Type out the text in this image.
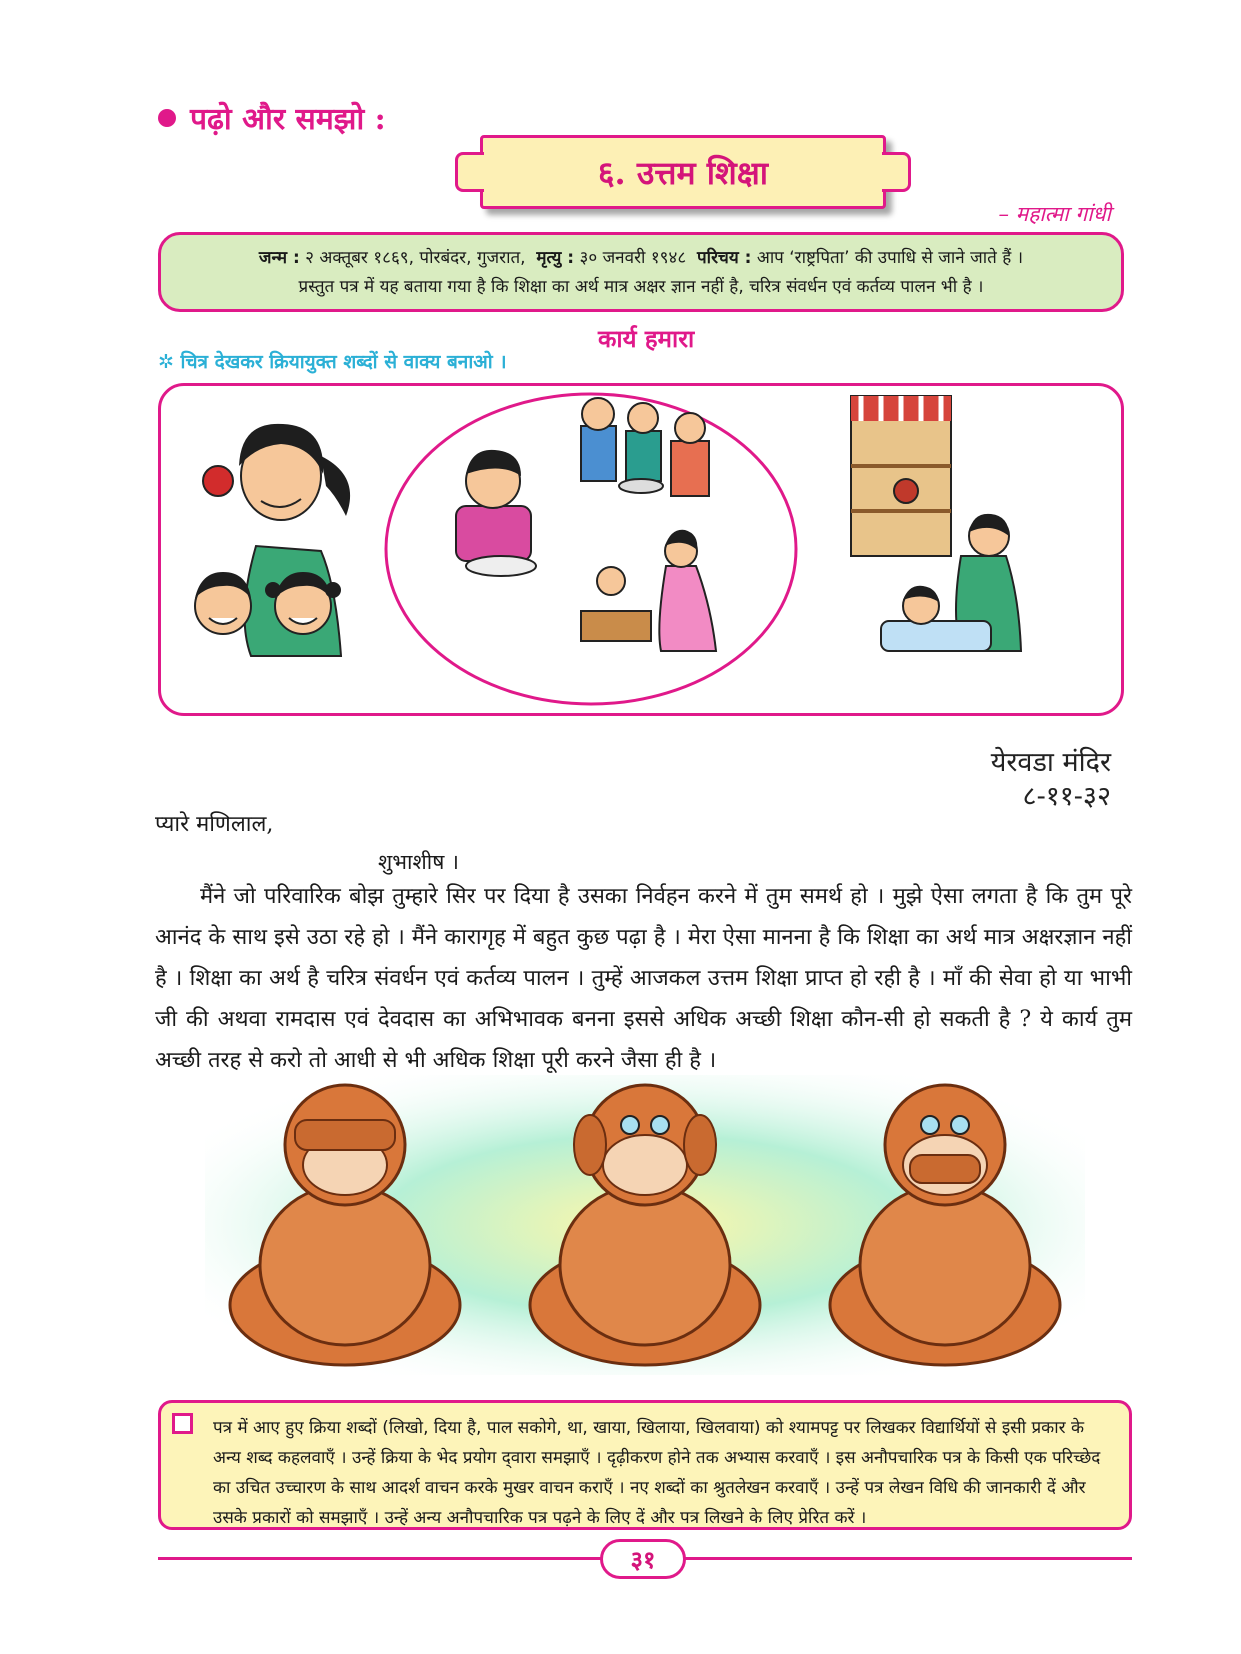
पढ़ो और समझो :
६. उत्तम शिक्षा
– महात्मा गांधी
जन्म : २ अक्तूबर १८६९, पोरबंदर, गुजरात, मृत्यु : ३० जनवरी १९४८ परिचय : आप ‘राष्ट्रपिता’ की उपाधि से जाने जाते हैं ।
प्रस्तुत पत्र में यह बताया गया है कि शिक्षा का अर्थ मात्र अक्षर ज्ञान नहीं है, चरित्र संवर्धन एवं कर्तव्य पालन भी है ।
कार्य हमारा
✲ चित्र देखकर क्रियायुक्त शब्दों से वाक्य बनाओ ।
येरवडा मंदिर
८-११-३२
प्यारे मणिलाल,
शुभाशीष ।
मैंने जो परिवारिक बोझ तुम्हारे सिर पर दिया है उसका निर्वहन करने में तुम समर्थ हो । मुझे ऐसा लगता है कि तुम पूरे आनंद के साथ इसे उठा रहे हो । मैंने कारागृह में बहुत कुछ पढ़ा है । मेरा ऐसा मानना है कि शिक्षा का अर्थ मात्र अक्षरज्ञान नहीं है । शिक्षा का अर्थ है चरित्र संवर्धन एवं कर्तव्य पालन । तुम्हें आजकल उत्तम शिक्षा प्राप्त हो रही है । माँ की सेवा हो या भाभी जी की अथवा रामदास एवं देवदास का अभिभावक बनना इससे अधिक अच्छी शिक्षा कौन-सी हो सकती है ? ये कार्य तुम अच्छी तरह से करो तो आधी से भी अधिक शिक्षा पूरी करने जैसा ही है ।
पत्र में आए हुए क्रिया शब्दों (लिखो, दिया है, पाल सकोगे, था, खाया, खिलाया, खिलवाया) को श्यामपट्ट पर लिखकर विद्यार्थियों से इसी प्रकार के अन्य शब्द कहलवाएँ । उन्हें क्रिया के भेद प्रयोग द्‌वारा समझाएँ । दृढ़ीकरण होने तक अभ्यास करवाएँ । इस अनौपचारिक पत्र के किसी एक परिच्छेद का उचित उच्चारण के साथ आदर्श वाचन करके मुखर वाचन कराएँ । नए शब्दों का श्रुतलेखन करवाएँ । उन्हें पत्र लेखन विधि की जानकारी दें और उसके प्रकारों को समझाएँ । उन्हें अन्य अनौपचारिक पत्र पढ़ने के लिए दें और पत्र लिखने के लिए प्रेरित करें ।
३१
